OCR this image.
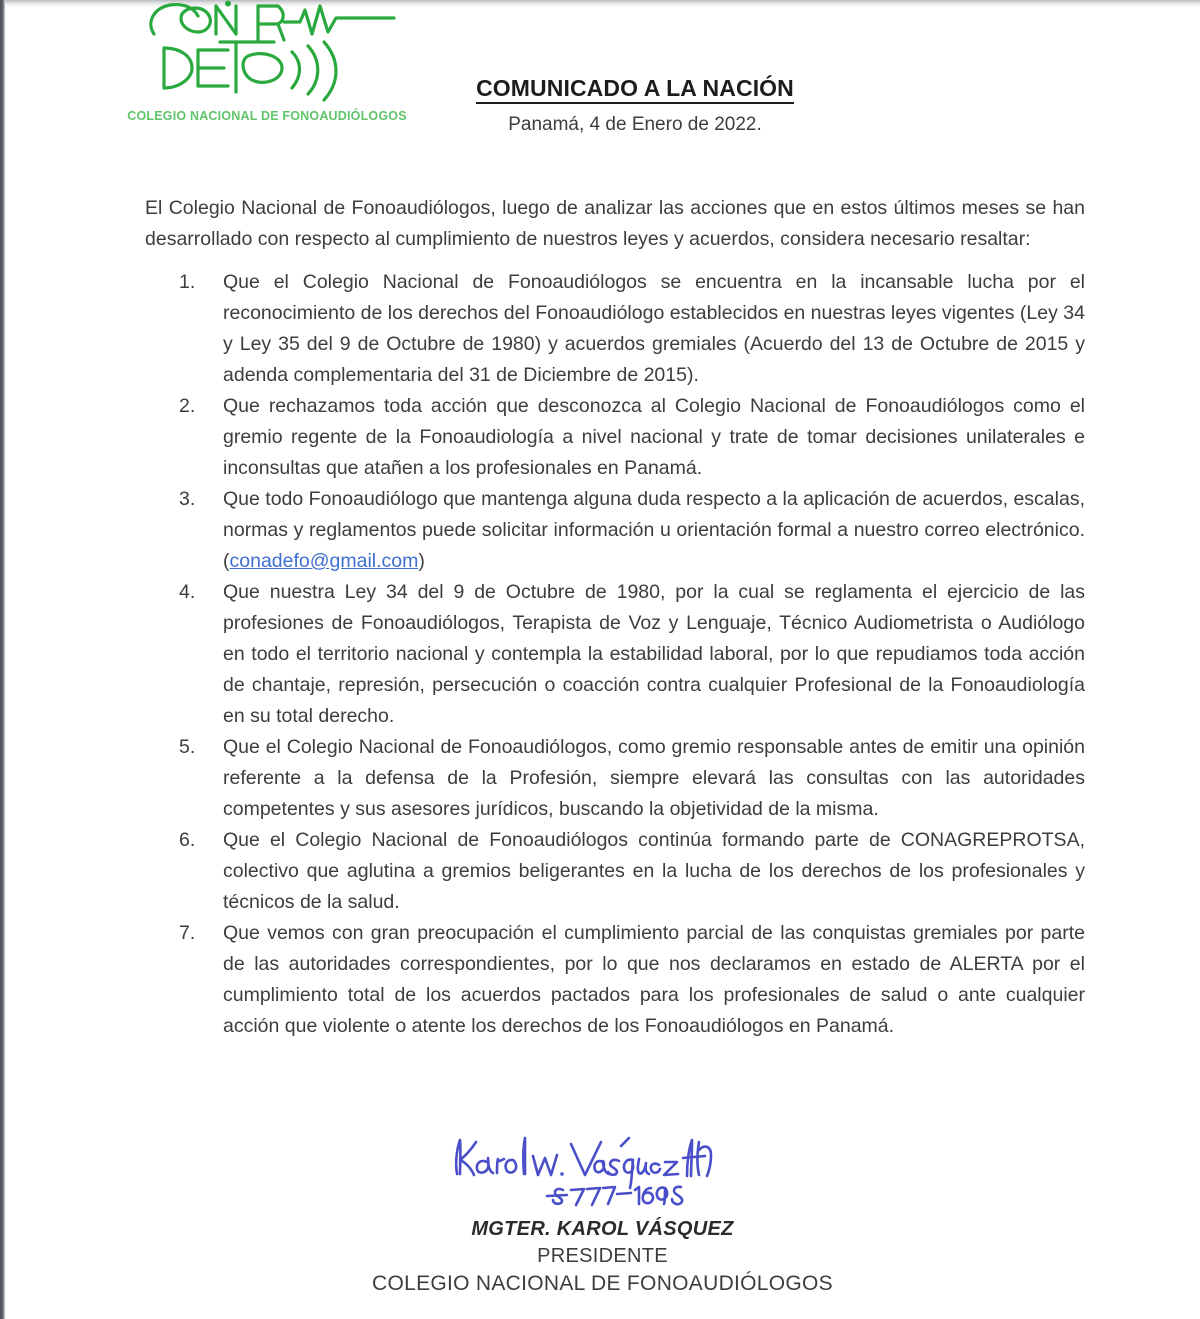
COLEGIO NACIONAL DE FONOAUDIÓLOGOS
COMUNICADO A LA NACIÓN
Panamá, 4 de Enero de 2022.

El Colegio Nacional de Fonoaudiólogos, luego de analizar las acciones que en estos últimos meses se han desarrollado con respecto al cumplimiento de nuestros leyes y acuerdos, considera necesario resaltar:

Que el Colegio Nacional de Fonoaudiólogos se encuentra en la incansable lucha por el reconocimiento de los derechos del Fonoaudiólogo establecidos en nuestras leyes vigentes (Ley 34 y Ley 35 del 9 de Octubre de 1980) y acuerdos gremiales (Acuerdo del 13 de Octubre de 2015 y adenda complementaria del 31 de Diciembre de 2015).
Que rechazamos toda acción que desconozca al Colegio Nacional de Fonoaudiólogos como el gremio regente de la Fonoaudiología a nivel nacional y trate de tomar decisiones unilaterales e inconsultas que atañen a los profesionales en Panamá.
Que todo Fonoaudiólogo que mantenga alguna duda respecto a la aplicación de acuerdos, escalas, normas y reglamentos puede solicitar información u orientación formal a nuestro correo electrónico. (conadefo@gmail.com)
Que nuestra Ley 34 del 9 de Octubre de 1980, por la cual se reglamenta el ejercicio de las profesiones de Fonoaudiólogos, Terapista de Voz y Lenguaje, Técnico Audiometrista o Audiólogo en todo el territorio nacional y contempla la estabilidad laboral, por lo que repudiamos toda acción de chantaje, represión, persecución o coacción contra cualquier Profesional de la Fonoaudiología en su total derecho.
Que el Colegio Nacional de Fonoaudiólogos, como gremio responsable antes de emitir una opinión referente a la defensa de la Profesión, siempre elevará las consultas con las autoridades competentes y sus asesores jurídicos, buscando la objetividad de la misma.
Que el Colegio Nacional de Fonoaudiólogos continúa formando parte de CONAGREPROTSA, colectivo que aglutina a gremios beligerantes en la lucha de los derechos de los profesionales y técnicos de la salud.
Que vemos con gran preocupación el cumplimiento parcial de las conquistas gremiales por parte de las autoridades correspondientes, por lo que nos declaramos en estado de ALERTA por el cumplimiento total de los acuerdos pactados para los profesionales de salud o ante cualquier acción que violente o atente los derechos de los Fonoaudiólogos en Panamá.
MGTER. KAROL VÁSQUEZ
PRESIDENTE
COLEGIO NACIONAL DE FONOAUDIÓLOGOS
